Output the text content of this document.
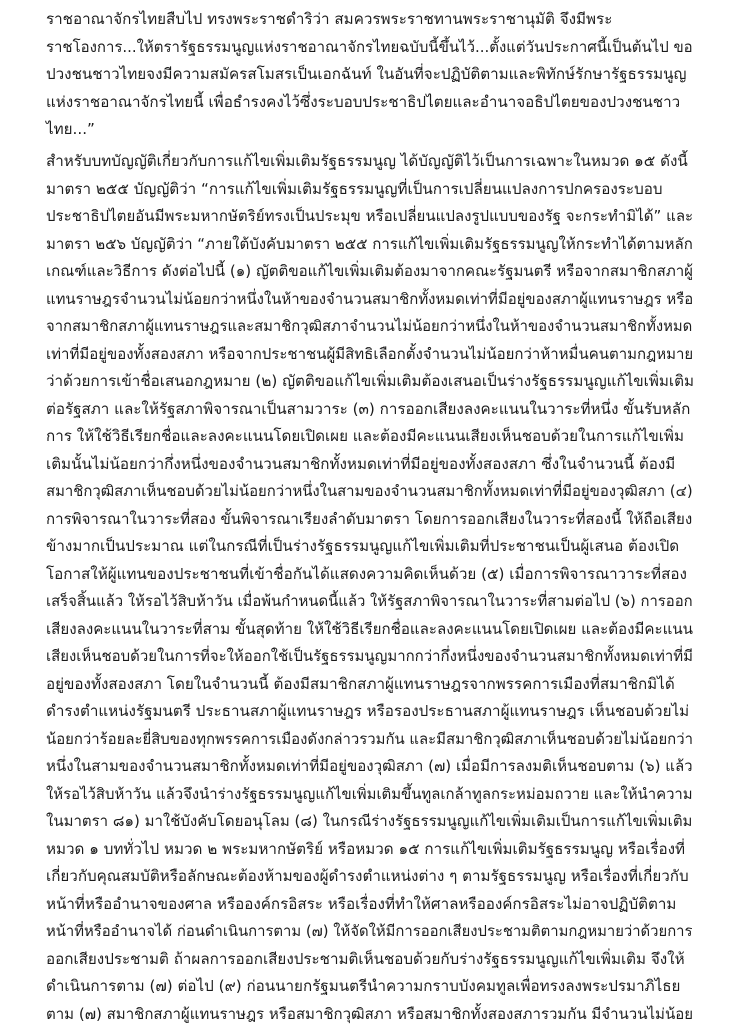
ราชอาณาจักรไทยสืบไป ทรงพระราชดำริว่า สมควรพระราชทานพระราชานุมัติ จึงมีพระ
ราชโองการ...ให้ตรารัฐธรรมนูญแห่งราชอาณาจักรไทยฉบับนี้ขึ้นไว้...ตั้งแต่วันประกาศนี้เป็นต้นไป ขอ
ปวงชนชาวไทยจงมีความสมัครสโมสรเป็นเอกฉันท์ ในอันที่จะปฏิบัติตามและพิทักษ์รักษารัฐธรรมนูญ
แห่งราชอาณาจักรไทยนี้ เพื่อธำรงคงไว้ซึ่งระบอบประชาธิปไตยและอำนาจอธิปไตยของปวงชนชาว
ไทย...”
สำหรับบทบัญญัติเกี่ยวกับการแก้ไขเพิ่มเติมรัฐธรรมนูญ ได้บัญญัติไว้เป็นการเฉพาะในหมวด ๑๕ ดังนี้
มาตรา ๒๕๕ บัญญัติว่า “การแก้ไขเพิ่มเติมรัฐธรรมนูญที่เป็นการเปลี่ยนแปลงการปกครองระบอบ
ประชาธิปไตยอันมีพระมหากษัตริย์ทรงเป็นประมุข หรือเปลี่ยนแปลงรูปแบบของรัฐ จะกระทำมิได้” และ
มาตรา ๒๕๖ บัญญัติว่า “ภายใต้บังคับมาตรา ๒๕๕ การแก้ไขเพิ่มเติมรัฐธรรมนูญให้กระทำได้ตามหลัก
เกณฑ์และวิธีการ ดังต่อไปนี้ (๑) ญัตติขอแก้ไขเพิ่มเติมต้องมาจากคณะรัฐมนตรี หรือจากสมาชิกสภาผู้
แทนราษฎรจำนวนไม่น้อยกว่าหนึ่งในห้าของจำนวนสมาชิกทั้งหมดเท่าที่มีอยู่ของสภาผู้แทนราษฎร หรือ
จากสมาชิกสภาผู้แทนราษฎรและสมาชิกวุฒิสภาจำนวนไม่น้อยกว่าหนึ่งในห้าของจำนวนสมาชิกทั้งหมด
เท่าที่มีอยู่ของทั้งสองสภา หรือจากประชาชนผู้มีสิทธิเลือกตั้งจำนวนไม่น้อยกว่าห้าหมื่นคนตามกฎหมาย
ว่าด้วยการเข้าชื่อเสนอกฎหมาย (๒) ญัตติขอแก้ไขเพิ่มเติมต้องเสนอเป็นร่างรัฐธรรมนูญแก้ไขเพิ่มเติม
ต่อรัฐสภา และให้รัฐสภาพิจารณาเป็นสามวาระ (๓) การออกเสียงลงคะแนนในวาระที่หนึ่ง ขั้นรับหลัก
การ ให้ใช้วิธีเรียกชื่อและลงคะแนนโดยเปิดเผย และต้องมีคะแนนเสียงเห็นชอบด้วยในการแก้ไขเพิ่ม
เติมนั้นไม่น้อยกว่ากึ่งหนึ่งของจำนวนสมาชิกทั้งหมดเท่าที่มีอยู่ของทั้งสองสภา ซึ่งในจำนวนนี้ ต้องมี
สมาชิกวุฒิสภาเห็นชอบด้วยไม่น้อยกว่าหนึ่งในสามของจำนวนสมาชิกทั้งหมดเท่าที่มีอยู่ของวุฒิสภา (๔)
การพิจารณาในวาระที่สอง ขั้นพิจารณาเรียงลำดับมาตรา โดยการออกเสียงในวาระที่สองนี้ ให้ถือเสียง
ข้างมากเป็นประมาณ แต่ในกรณีที่เป็นร่างรัฐธรรมนูญแก้ไขเพิ่มเติมที่ประชาชนเป็นผู้เสนอ ต้องเปิด
โอกาสให้ผู้แทนของประชาชนที่เข้าชื่อกันได้แสดงความคิดเห็นด้วย (๕) เมื่อการพิจารณาวาระที่สอง
เสร็จสิ้นแล้ว ให้รอไว้สิบห้าวัน เมื่อพ้นกำหนดนี้แล้ว ให้รัฐสภาพิจารณาในวาระที่สามต่อไป (๖) การออก
เสียงลงคะแนนในวาระที่สาม ขั้นสุดท้าย ให้ใช้วิธีเรียกชื่อและลงคะแนนโดยเปิดเผย และต้องมีคะแนน
เสียงเห็นชอบด้วยในการที่จะให้ออกใช้เป็นรัฐธรรมนูญมากกว่ากึ่งหนึ่งของจำนวนสมาชิกทั้งหมดเท่าที่มี
อยู่ของทั้งสองสภา โดยในจำนวนนี้ ต้องมีสมาชิกสภาผู้แทนราษฎรจากพรรคการเมืองที่สมาชิกมิได้
ดำรงตำแหน่งรัฐมนตรี ประธานสภาผู้แทนราษฎร หรือรองประธานสภาผู้แทนราษฎร เห็นชอบด้วยไม่
น้อยกว่าร้อยละยี่สิบของทุกพรรคการเมืองดังกล่าวรวมกัน และมีสมาชิกวุฒิสภาเห็นชอบด้วยไม่น้อยกว่า
หนึ่งในสามของจำนวนสมาชิกทั้งหมดเท่าที่มีอยู่ของวุฒิสภา (๗) เมื่อมีการลงมติเห็นชอบตาม (๖) แล้ว
ให้รอไว้สิบห้าวัน แล้วจึงนำร่างรัฐธรรมนูญแก้ไขเพิ่มเติมขึ้นทูลเกล้าทูลกระหม่อมถวาย และให้นำความ
ในมาตรา ๘๑) มาใช้บังคับโดยอนุโลม (๘) ในกรณีร่างรัฐธรรมนูญแก้ไขเพิ่มเติมเป็นการแก้ไขเพิ่มเติม
หมวด ๑ บททั่วไป หมวด ๒ พระมหากษัตริย์ หรือหมวด ๑๕ การแก้ไขเพิ่มเติมรัฐธรรมนูญ หรือเรื่องที่
เกี่ยวกับคุณสมบัติหรือลักษณะต้องห้ามของผู้ดำรงตำแหน่งต่าง ๆ ตามรัฐธรรมนูญ หรือเรื่องที่เกี่ยวกับ
หน้าที่หรืออำนาจของศาล หรือองค์กรอิสระ หรือเรื่องที่ทำให้ศาลหรือองค์กรอิสระไม่อาจปฏิบัติตาม
หน้าที่หรืออำนาจได้ ก่อนดำเนินการตาม (๗) ให้จัดให้มีการออกเสียงประชามติตามกฎหมายว่าด้วยการ
ออกเสียงประชามติ ถ้าผลการออกเสียงประชามติเห็นชอบด้วยกับร่างรัฐธรรมนูญแก้ไขเพิ่มเติม จึงให้
ดำเนินการตาม (๗) ต่อไป (๙) ก่อนนายกรัฐมนตรีนำความกราบบังคมทูลเพื่อทรงลงพระปรมาภิไธย
ตาม (๗) สมาชิกสภาผู้แทนราษฎร หรือสมาชิกวุฒิสภา หรือสมาชิกทั้งสองสภารวมกัน มีจำนวนไม่น้อย
